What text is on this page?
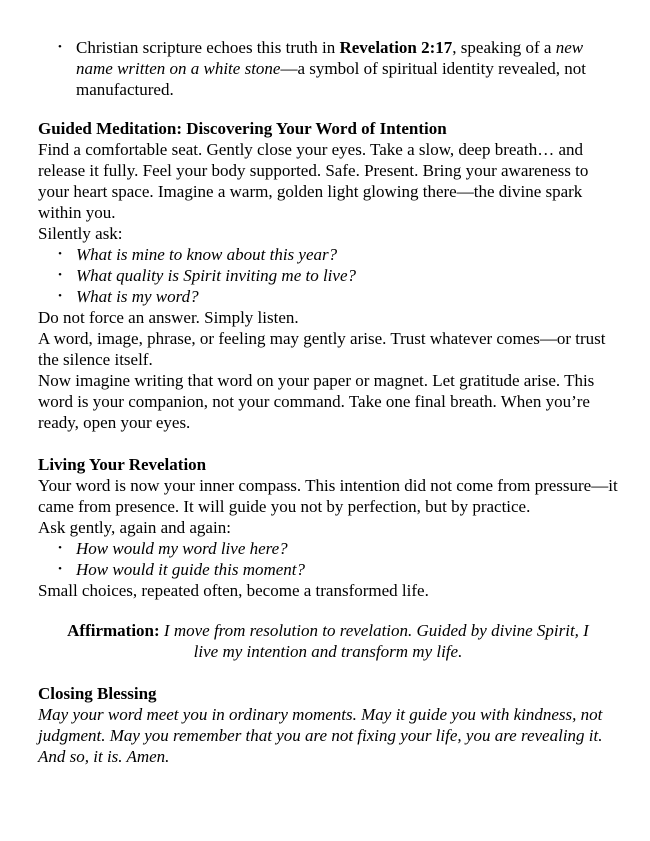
• Christian scripture echoes this truth in Revelation 2:17, speaking of a new name written on a white stone—a symbol of spiritual identity revealed, not manufactured.
Guided Meditation: Discovering Your Word of Intention
Find a comfortable seat. Gently close your eyes. Take a slow, deep breath… and release it fully. Feel your body supported. Safe. Present. Bring your awareness to your heart space. Imagine a warm, golden light glowing there—the divine spark within you.
Silently ask:
• What is mine to know about this year?
• What quality is Spirit inviting me to live?
• What is my word?
Do not force an answer. Simply listen.
A word, image, phrase, or feeling may gently arise. Trust whatever comes—or trust the silence itself.
Now imagine writing that word on your paper or magnet. Let gratitude arise. This word is your companion, not your command. Take one final breath. When you’re ready, open your eyes.
Living Your Revelation
Your word is now your inner compass. This intention did not come from pressure—it came from presence. It will guide you not by perfection, but by practice.
Ask gently, again and again:
• How would my word live here?
• How would it guide this moment?
Small choices, repeated often, become a transformed life.
Affirmation: I move from resolution to revelation. Guided by divine Spirit, I live my intention and transform my life.
Closing Blessing
May your word meet you in ordinary moments. May it guide you with kindness, not judgment. May you remember that you are not fixing your life, you are revealing it. And so, it is. Amen.
